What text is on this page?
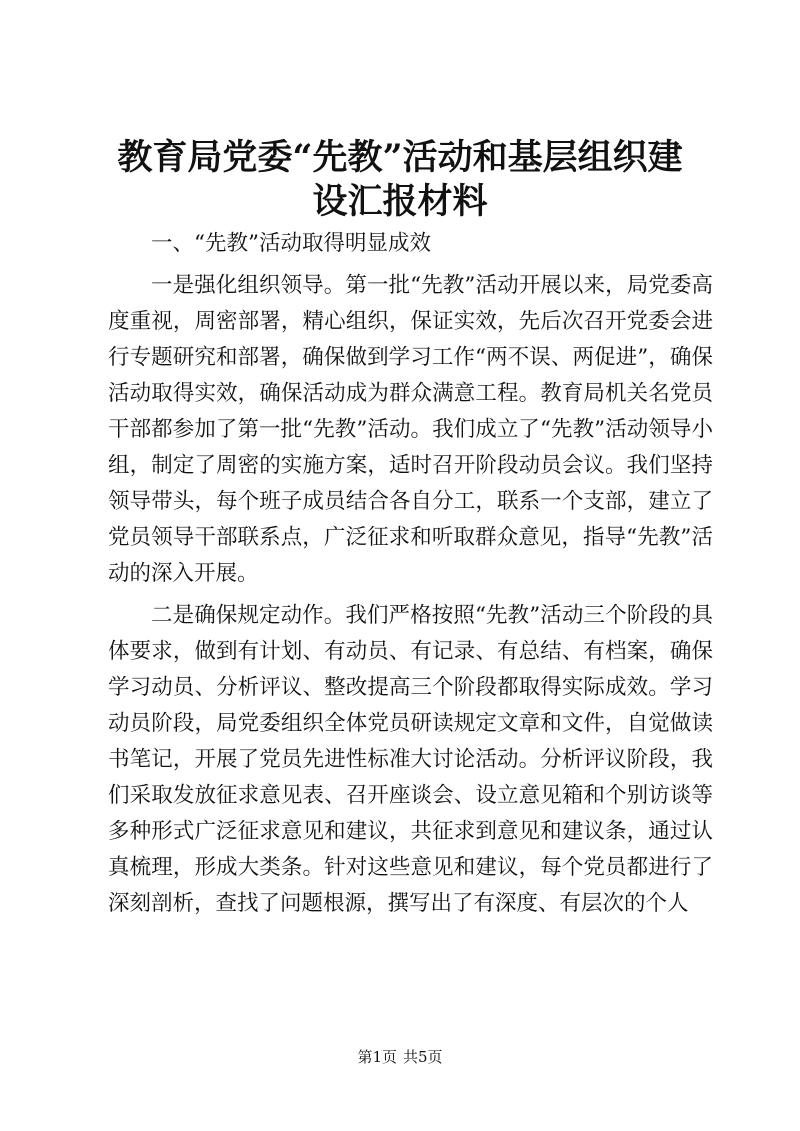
教育局党委“先教”活动和基层组织建设汇报材料

一、“先教”活动取得明显成效

一是强化组织领导。第一批“先教”活动开展以来，局党委高度重视，周密部署，精心组织，保证实效，先后次召开党委会进行专题研究和部署，确保做到学习工作“两不误、两促进”，确保活动取得实效，确保活动成为群众满意工程。教育局机关名党员干部都参加了第一批“先教”活动。我们成立了“先教”活动领导小组，制定了周密的实施方案，适时召开阶段动员会议。我们坚持领导带头，每个班子成员结合各自分工，联系一个支部，建立了党员领导干部联系点，广泛征求和听取群众意见，指导“先教”活动的深入开展。

二是确保规定动作。我们严格按照“先教”活动三个阶段的具体要求，做到有计划、有动员、有记录、有总结、有档案，确保学习动员、分析评议、整改提高三个阶段都取得实际成效。学习动员阶段，局党委组织全体党员研读规定文章和文件，自觉做读书笔记，开展了党员先进性标准大讨论活动。分析评议阶段，我们采取发放征求意见表、召开座谈会、设立意见箱和个别访谈等多种形式广泛征求意见和建议，共征求到意见和建议条，通过认真梳理，形成大类条。针对这些意见和建议，每个党员都进行了深刻剖析，查找了问题根源，撰写出了有深度、有层次的个人

第1页 共5页
